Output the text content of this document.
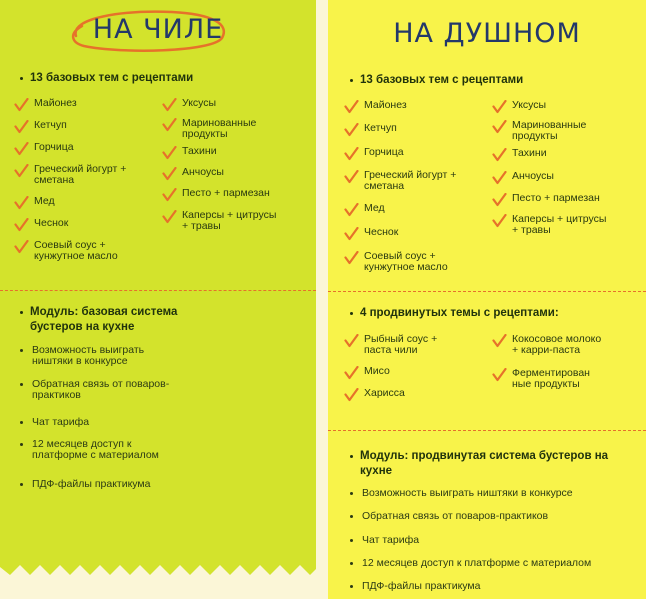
НА ЧИЛЕ
13 базовых тем с рецептами
Майонез
Кетчуп
Горчица
Греческий йогурт +
сметана
Мед
Чеснок
Соевый соус +
кунжутное масло
Уксусы
Маринованные
продукты
Тахини
Анчоусы
Песто + пармезан
Каперсы + цитрусы
+ травы
Модуль: базовая система
бустеров на кухне
Возможность выиграть
ништяки в конкурсе
Обратная связь от поваров-
практиков
Чат тарифа
12 месяцев доступ к
платформе с материалом
ПДФ-файлы практикума
НА ДУШНОМ
13 базовых тем с рецептами
Майонез
Кетчуп
Горчица
Греческий йогурт +
сметана
Мед
Чеснок
Соевый соус +
кунжутное масло
Уксусы
Маринованные
продукты
Тахини
Анчоусы
Песто + пармезан
Каперсы + цитрусы
+ травы
4 продвинутых темы с рецептами:
Рыбный соус +
паста чили
Мисо
Харисса
Кокосовое молоко
+ карри-паста
Ферментирован
ные продукты
Модуль: продвинутая система бустеров на
кухне
Возможность выиграть ништяки в конкурсе
Обратная связь от поваров-практиков
Чат тарифа
12 месяцев доступ к платформе с материалом
ПДФ-файлы практикума
